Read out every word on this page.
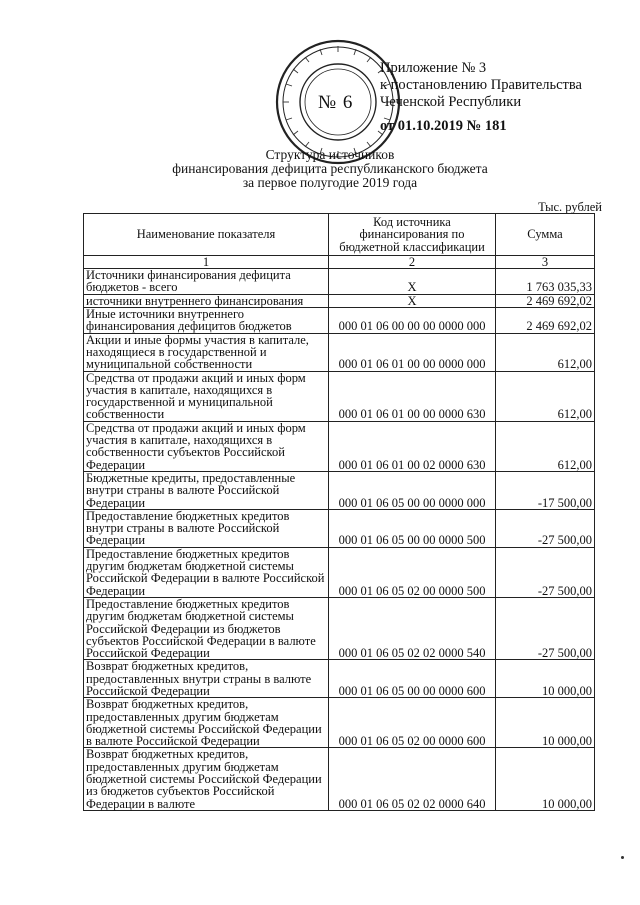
№ 6
Приложение № 3
к постановлению Правительства
Чеченской Республики
от 01.10.2019 № 181
Структура источников
финансирования дефицита республиканского бюджета
за первое полугодие 2019 года
Тыс. рублей
Наименование показателя	Код источника финансирования по бюджетной классификации	Сумма
1	2	3
Источники финансирования дефицита бюджетов - всего	X	1 763 035,33
источники внутреннего финансирования	X	2 469 692,02
Иные источники внутреннего финансирования дефицитов бюджетов	000 01 06 00 00 00 0000 000	2 469 692,02
Акции и иные формы участия в капитале, находящиеся в государственной и муниципальной собственности	000 01 06 01 00 00 0000 000	612,00
Средства от продажи акций и иных форм участия в капитале, находящихся в государственной и муниципальной собственности	000 01 06 01 00 00 0000 630	612,00
Средства от продажи акций и иных форм участия в капитале, находящихся в собственности субъектов Российской Федерации	000 01 06 01 00 02 0000 630	612,00
Бюджетные кредиты, предоставленные внутри страны в валюте Российской Федерации	000 01 06 05 00 00 0000 000	-17 500,00
Предоставление бюджетных кредитов внутри страны в валюте Российской Федерации	000 01 06 05 00 00 0000 500	-27 500,00
Предоставление бюджетных кредитов другим бюджетам бюджетной системы Российской Федерации в валюте Российской Федерации	000 01 06 05 02 00 0000 500	-27 500,00
Предоставление бюджетных кредитов другим бюджетам бюджетной системы Российской Федерации из бюджетов субъектов Российской Федерации в валюте Российской Федерации	000 01 06 05 02 02 0000 540	-27 500,00
Возврат бюджетных кредитов, предоставленных внутри страны в валюте Российской Федерации	000 01 06 05 00 00 0000 600	10 000,00
Возврат бюджетных кредитов, предоставленных другим бюджетам бюджетной системы Российской Федерации в валюте Российской Федерации	000 01 06 05 02 00 0000 600	10 000,00
Возврат бюджетных кредитов, предоставленных другим бюджетам бюджетной системы Российской Федерации из бюджетов субъектов Российской Федерации в валюте	000 01 06 05 02 02 0000 640	10 000,00
